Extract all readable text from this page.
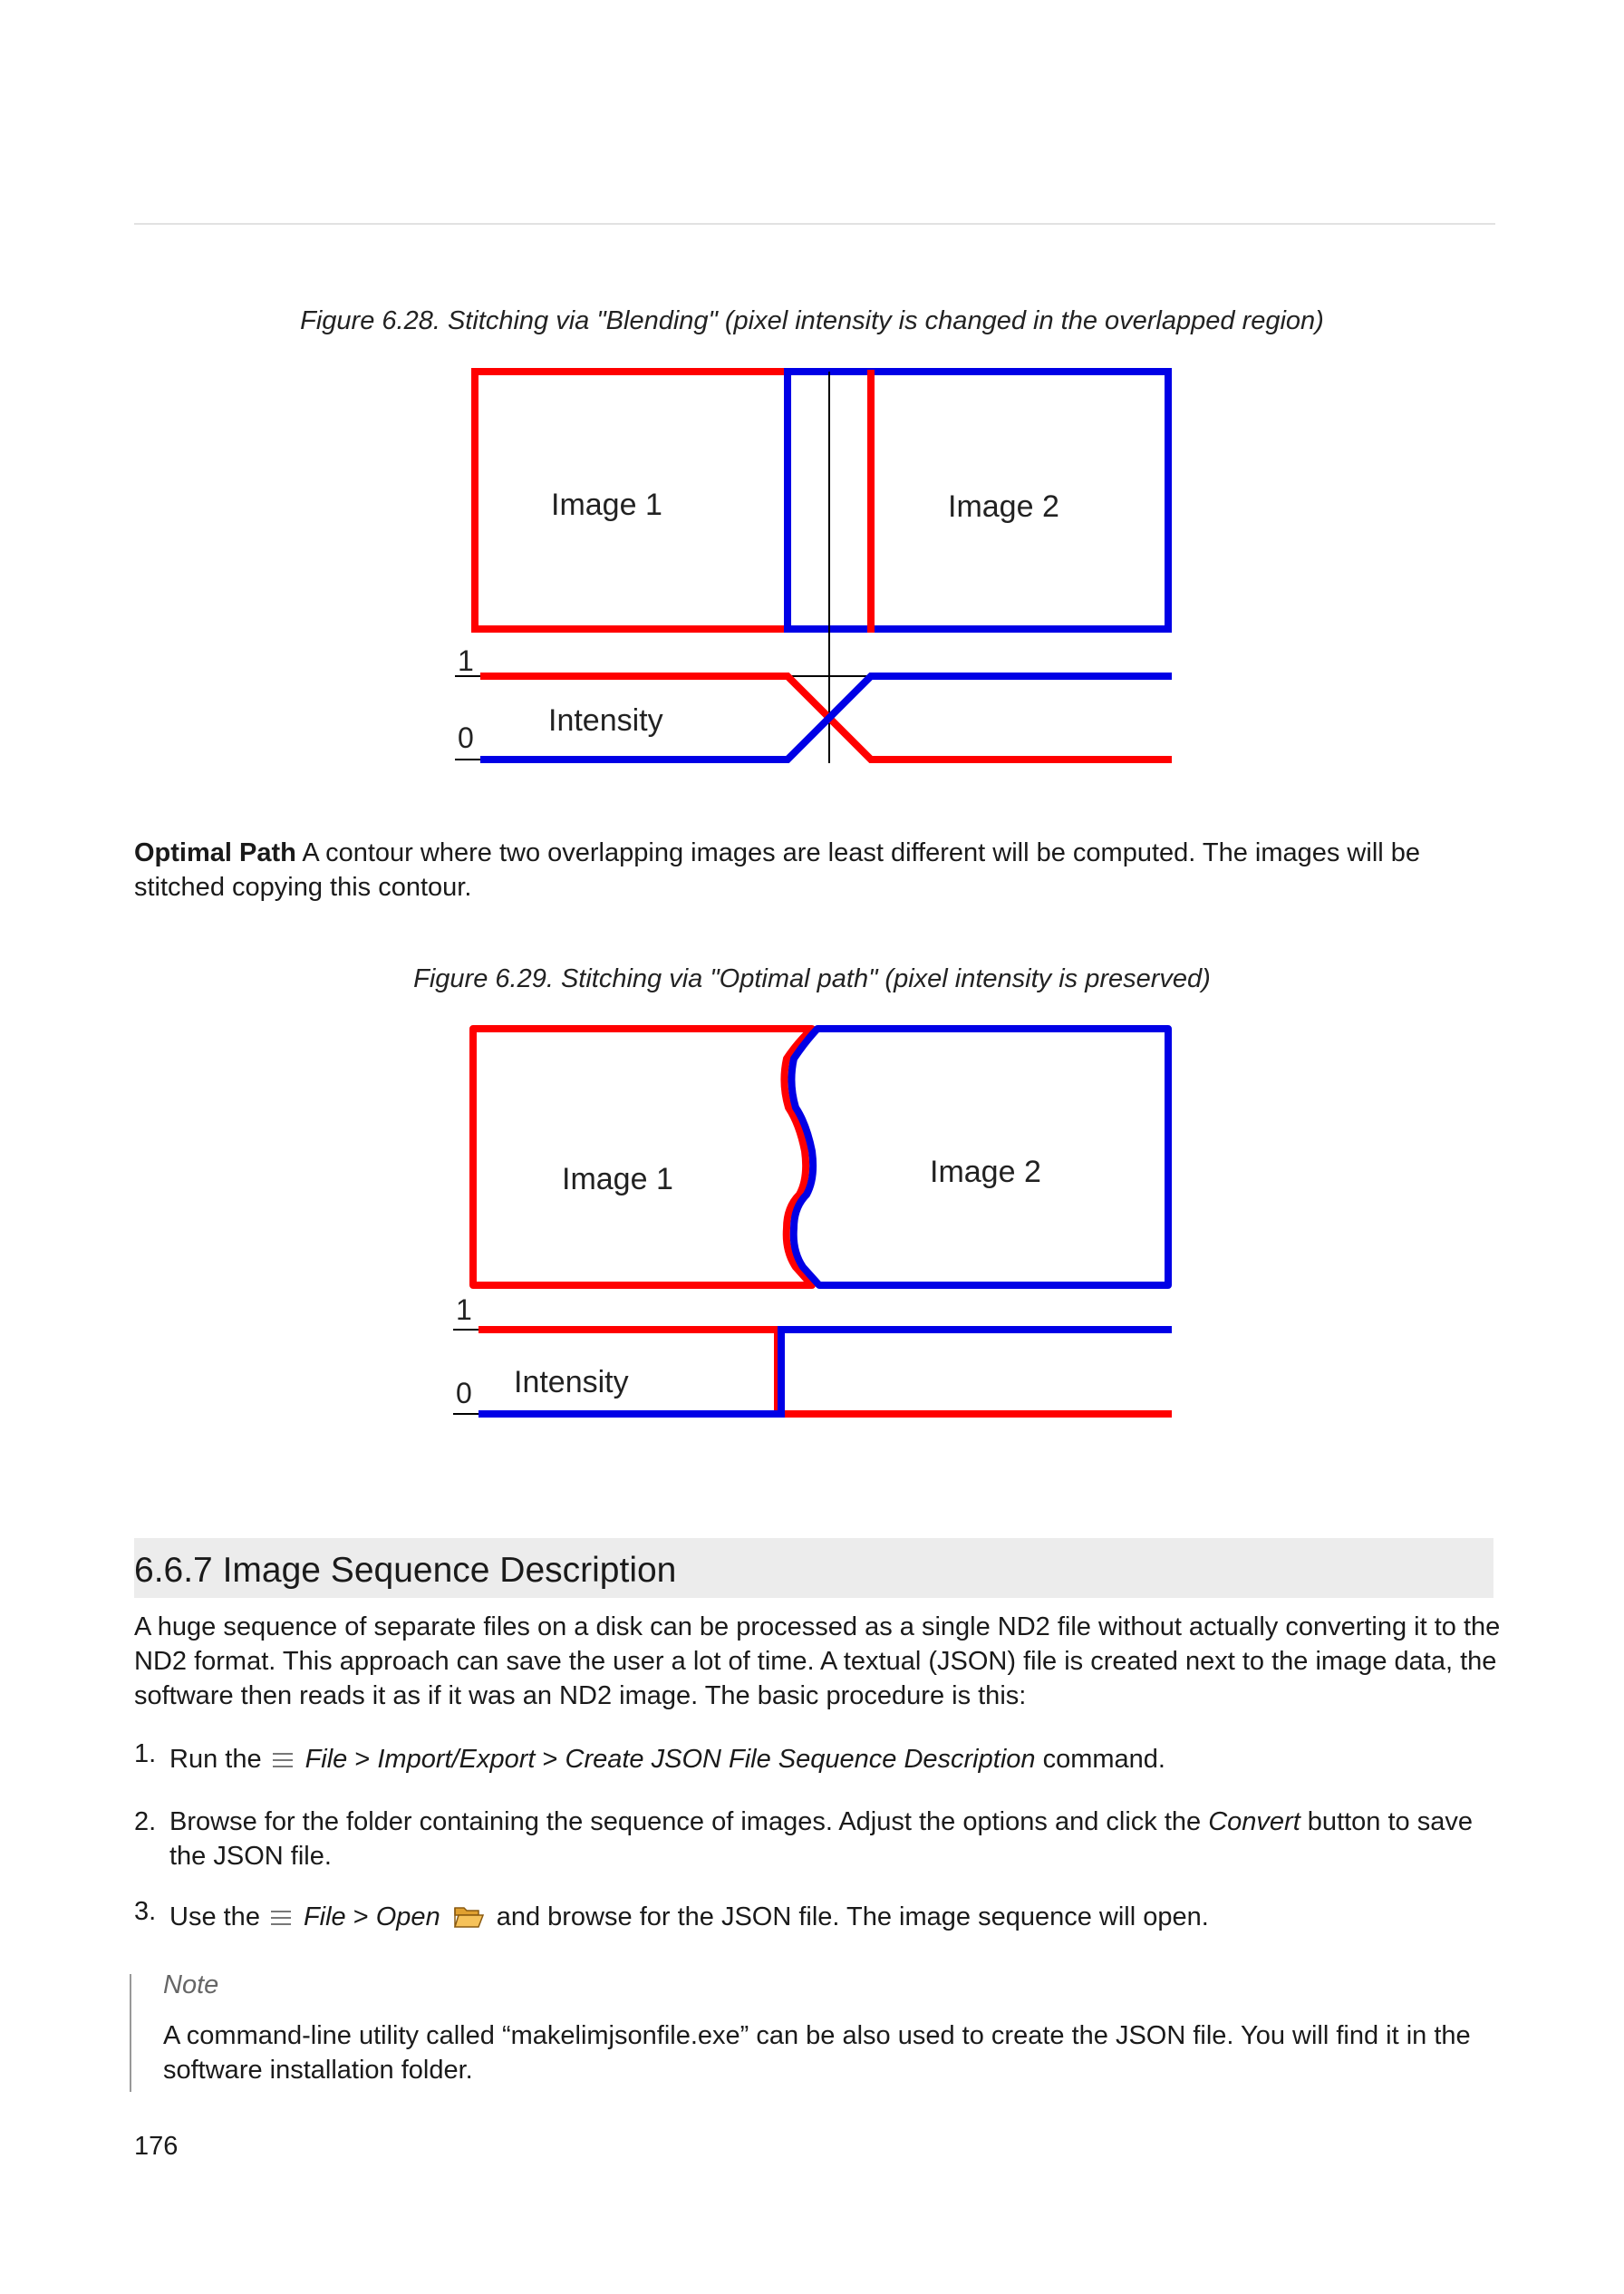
Figure 6.28. Stitching via "Blending" (pixel intensity is changed in the overlapped region)
Image 1	Image 2
1
0 Intensity
Optimal Path A contour where two overlapping images are least different will be computed. The images will be stitched copying this contour.
Figure 6.29. Stitching via "Optimal path" (pixel intensity is preserved)
Image 1	Image 2
1
0 Intensity
6.6.7 Image Sequence Description
A huge sequence of separate files on a disk can be processed as a single ND2 file without actually converting it to the ND2 format. This approach can save the user a lot of time. A textual (JSON) file is created next to the image data, the software then reads it as if it was an ND2 image. The basic procedure is this:
1. Run the File > Import/Export > Create JSON File Sequence Description command.
2. Browse for the folder containing the sequence of images. Adjust the options and click the Convert button to save the JSON file.
3. Use the File > Open and browse for the JSON file. The image sequence will open.
Note
A command-line utility called “makelimjsonfile.exe” can be also used to create the JSON file. You will find it in the software installation folder.
176
